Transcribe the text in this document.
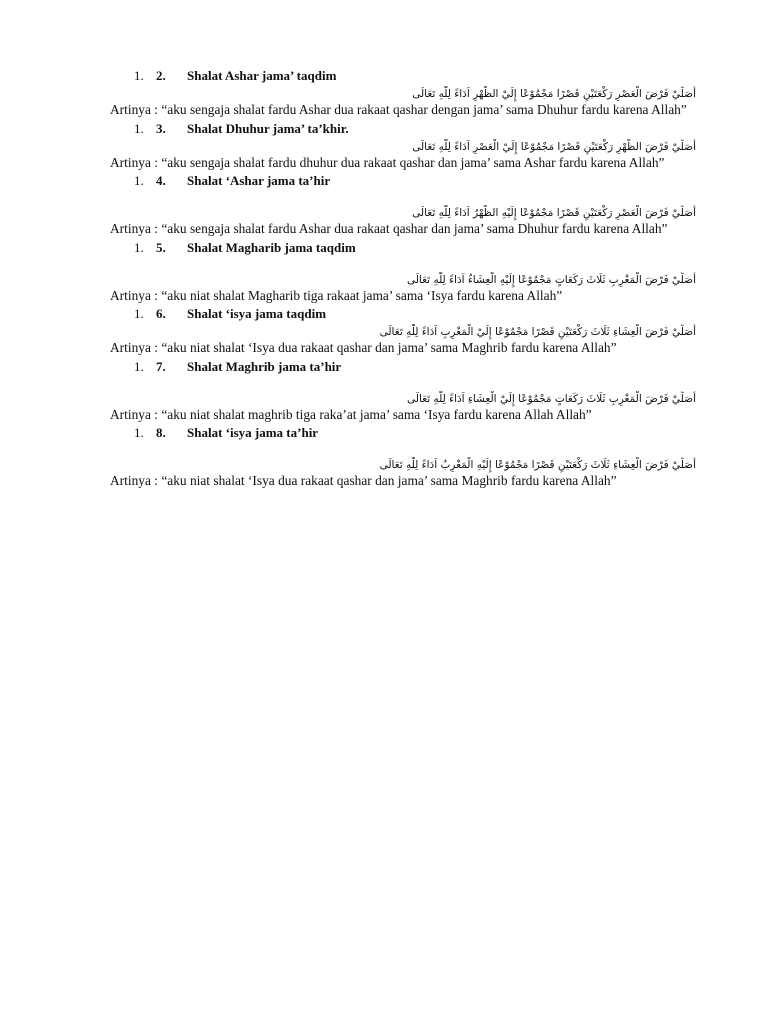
1. 2.	Shalat Ashar jama’ taqdim
أُصَلِّيْ فَرْضَ الْعَصْرِ رَكْعَتَيْنِ قَصْرًا مَجْمُوْعًا إِلَيْ الظُّهْرِ اَدَاءً لِلّٰهِ تَعَالَى
Artinya : “aku sengaja shalat fardu Ashar dua rakaat qashar dengan jama’ sama Dhuhur fardu karena Allah”
1. 3.	Shalat Dhuhur jama’ ta’khir.
أُصَلِّيْ فَرْضَ الظُّهْرِ رَكْعَتَيْنِ قَصْرًا مَجْمُوْعًا إِلَيْ الْعَصْرِ اَدَاءً لِلّٰهِ تَعَالَى
Artinya : “aku sengaja shalat fardu dhuhur dua rakaat qashar dan jama’ sama Ashar fardu karena Allah”
1. 4.	Shalat ‘Ashar jama ta’hir
أُصَلِّيْ فَرْضَ الْعَصْرِ رَكْعَتَيْنِ قَصْرًا مَجْمُوْعًا إِلَيْهِ الظُّهْرُ اَدَاءً لِلّٰهِ تَعَالَى
Artinya : “aku sengaja shalat fardu Ashar dua rakaat qashar dan jama’ sama Dhuhur fardu karena Allah”
1. 5.	Shalat Magharib jama taqdim
أُصَلِّيْ فَرْضَ الْمَغْرِبِ ثَلَاثَ رَكَعَاتٍ مَجْمُوْعًا إِلَيْهِ الْعِشَاءُ اَدَاءً لِلّٰهِ تَعَالَى
Artinya : “aku niat shalat Magharib tiga rakaat jama’ sama ‘Isya fardu karena Allah”
1. 6.	Shalat ‘isya jama taqdim
أُصَلِّيْ فَرْضَ الْعِشَاءِ ثَلَاثَ رَكْعَتَيْنِ قَصْرًا مَجْمُوْعًا إِلَيْ الْمَغْرِبِ اَدَاءً لِلّٰهِ تَعَالَى
Artinya : “aku niat shalat ‘Isya dua rakaat qashar dan jama’ sama Maghrib fardu karena Allah”
1. 7.	Shalat Maghrib jama ta’hir
أُصَلِّيْ فَرْضَ الْمَغْرِبِ ثَلَاثَ رَكَعَاتٍ مَجْمُوْعًا إِلَيْ الْعِشَاءِ اَدَاءً لِلّٰهِ تَعَالَى
Artinya : “aku niat shalat maghrib tiga raka’at jama’ sama ‘Isya fardu karena Allah Allah”
1. 8.	Shalat ‘isya jama ta’hir
أُصَلِّيْ فَرْضَ الْعِشَاءِ ثَلَاثَ رَكْعَتَيْنِ قَصْرًا مَجْمُوْعًا إِلَيْهِ الْمَغْرِبُ اَدَاءً لِلّٰهِ تَعَالَى
Artinya : “aku niat shalat ‘Isya dua rakaat qashar dan jama’ sama Maghrib fardu karena Allah”
